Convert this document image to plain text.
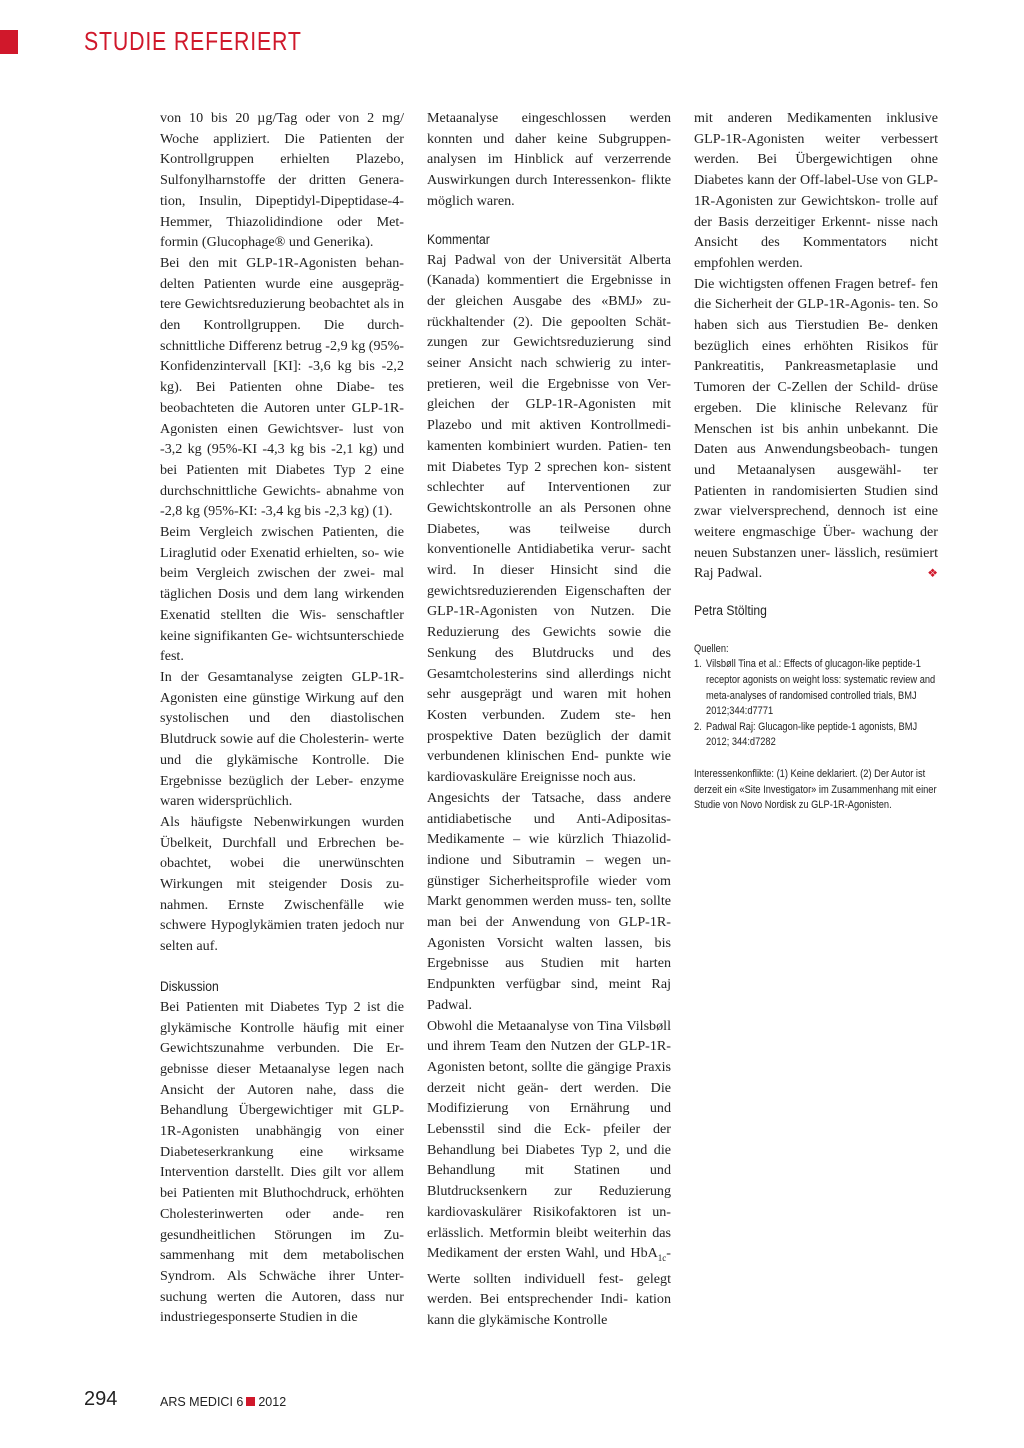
STUDIE REFERIERT

von 10 bis 20 µg/Tag oder von 2 mg/ Woche appliziert. Die Patienten der Kontrollgruppen erhielten Plazebo, Sulfonylharnstoffe der dritten Genera- tion, Insulin, Dipeptidyl-Dipeptidase-4- Hemmer, Thiazolidindione oder Met- formin (Glucophage® und Generika).

Bei den mit GLP-1R-Agonisten behan- delten Patienten wurde eine ausgepräg- tere Gewichtsreduzierung beobachtet als in den Kontrollgruppen. Die durch- schnittliche Differenz betrug -2,9 kg (95%-Konfidenzintervall [KI]: -3,6 kg bis -2,2 kg). Bei Patienten ohne Diabe- tes beobachteten die Autoren unter GLP-1R-Agonisten einen Gewichtsver- lust von -3,2 kg (95%-KI -4,3 kg bis -2,1 kg) und bei Patienten mit Diabetes Typ 2 eine durchschnittliche Gewichts- abnahme von -2,8 kg (95%-KI: -3,4 kg bis -2,3 kg) (1).

Beim Vergleich zwischen Patienten, die Liraglutid oder Exenatid erhielten, so- wie beim Vergleich zwischen der zwei- mal täglichen Dosis und dem lang wirkenden Exenatid stellten die Wis- senschaftler keine signifikanten Ge- wichtsunterschiede fest.

In der Gesamtanalyse zeigten GLP-1R- Agonisten eine günstige Wirkung auf den systolischen und den diastolischen Blutdruck sowie auf die Cholesterin- werte und die glykämische Kontrolle. Die Ergebnisse bezüglich der Leber- enzyme waren widersprüchlich.

Als häufigste Nebenwirkungen wurden Übelkeit, Durchfall und Erbrechen be- obachtet, wobei die unerwünschten Wirkungen mit steigender Dosis zu- nahmen. Ernste Zwischenfälle wie schwere Hypoglykämien traten jedoch nur selten auf.

Diskussion

Bei Patienten mit Diabetes Typ 2 ist die glykämische Kontrolle häufig mit einer Gewichtszunahme verbunden. Die Er- gebnisse dieser Metaanalyse legen nach Ansicht der Autoren nahe, dass die Behandlung Übergewichtiger mit GLP- 1R-Agonisten unabhängig von einer Diabeteserkrankung eine wirksame Intervention darstellt. Dies gilt vor allem bei Patienten mit Bluthochdruck, erhöhten Cholesterinwerten oder ande- ren gesundheitlichen Störungen im Zu- sammenhang mit dem metabolischen Syndrom. Als Schwäche ihrer Unter- suchung werten die Autoren, dass nur industriegesponserte Studien in die

Metaanalyse eingeschlossen werden konnten und daher keine Subgruppen- analysen im Hinblick auf verzerrende Auswirkungen durch Interessenkon- flikte möglich waren.

Kommentar

Raj Padwal von der Universität Alberta (Kanada) kommentiert die Ergebnisse in der gleichen Ausgabe des «BMJ» zu- rückhaltender (2). Die gepoolten Schät- zungen zur Gewichtsreduzierung sind seiner Ansicht nach schwierig zu inter- pretieren, weil die Ergebnisse von Ver- gleichen der GLP-1R-Agonisten mit Plazebo und mit aktiven Kontrollmedi- kamenten kombiniert wurden. Patien- ten mit Diabetes Typ 2 sprechen kon- sistent schlechter auf Interventionen zur Gewichtskontrolle an als Personen ohne Diabetes, was teilweise durch konventionelle Antidiabetika verur- sacht wird. In dieser Hinsicht sind die gewichtsreduzierenden Eigenschaften der GLP-1R-Agonisten von Nutzen. Die Reduzierung des Gewichts sowie die Senkung des Blutdrucks und des Gesamtcholesterins sind allerdings nicht sehr ausgeprägt und waren mit hohen Kosten verbunden. Zudem ste- hen prospektive Daten bezüglich der damit verbundenen klinischen End- punkte wie kardiovaskuläre Ereignisse noch aus.

Angesichts der Tatsache, dass andere antidiabetische und Anti-Adipositas- Medikamente – wie kürzlich Thiazolid- indione und Sibutramin – wegen un- günstiger Sicherheitsprofile wieder vom Markt genommen werden muss- ten, sollte man bei der Anwendung von GLP-1R-Agonisten Vorsicht walten lassen, bis Ergebnisse aus Studien mit harten Endpunkten verfügbar sind, meint Raj Padwal.

Obwohl die Metaanalyse von Tina Vilsbøll und ihrem Team den Nutzen der GLP-1R-Agonisten betont, sollte die gängige Praxis derzeit nicht geän- dert werden. Die Modifizierung von Ernährung und Lebensstil sind die Eck- pfeiler der Behandlung bei Diabetes Typ 2, und die Behandlung mit Statinen und Blutdrucksenkern zur Reduzierung kardiovaskulärer Risikofaktoren ist un- erlässlich. Metformin bleibt weiterhin das Medikament der ersten Wahl, und HbA$_{1c}$-Werte sollten individuell fest- gelegt werden. Bei entsprechender Indi- kation kann die glykämische Kontrolle

mit anderen Medikamenten inklusive GLP-1R-Agonisten weiter verbessert werden. Bei Übergewichtigen ohne Diabetes kann der Off-label-Use von GLP-1R-Agonisten zur Gewichtskon- trolle auf der Basis derzeitiger Erkennt- nisse nach Ansicht des Kommentators nicht empfohlen werden.

Die wichtigsten offenen Fragen betref- fen die Sicherheit der GLP-1R-Agonis- ten. So haben sich aus Tierstudien Be- denken bezüglich eines erhöhten Risikos für Pankreatitis, Pankreasmetaplasie und Tumoren der C-Zellen der Schild- drüse ergeben. Die klinische Relevanz für Menschen ist bis anhin unbekannt. Die Daten aus Anwendungsbeobach- tungen und Metaanalysen ausgewähl- ter Patienten in randomisierten Studien sind zwar vielversprechend, dennoch ist eine weitere engmaschige Über- wachung der neuen Substanzen uner- lässlich, resümiert Raj Padwal.	❖

Petra Stölting
Quellen:
1. Vilsbøll Tina et al.: Effects of glucagon-like peptide-1 receptor agonists on weight loss: systematic review and meta-analyses of randomised controlled trials, BMJ 2012;344:d7771
2. Padwal Raj: Glucagon-like peptide-1 agonists, BMJ 2012; 344:d7282
Interessenkonflikte: (1) Keine deklariert. (2) Der Autor ist derzeit ein «Site Investigator» im Zusammenhang mit einer Studie von Novo Nordisk zu GLP-1R-Agonisten.
294	ARS MEDICI 6 2012
